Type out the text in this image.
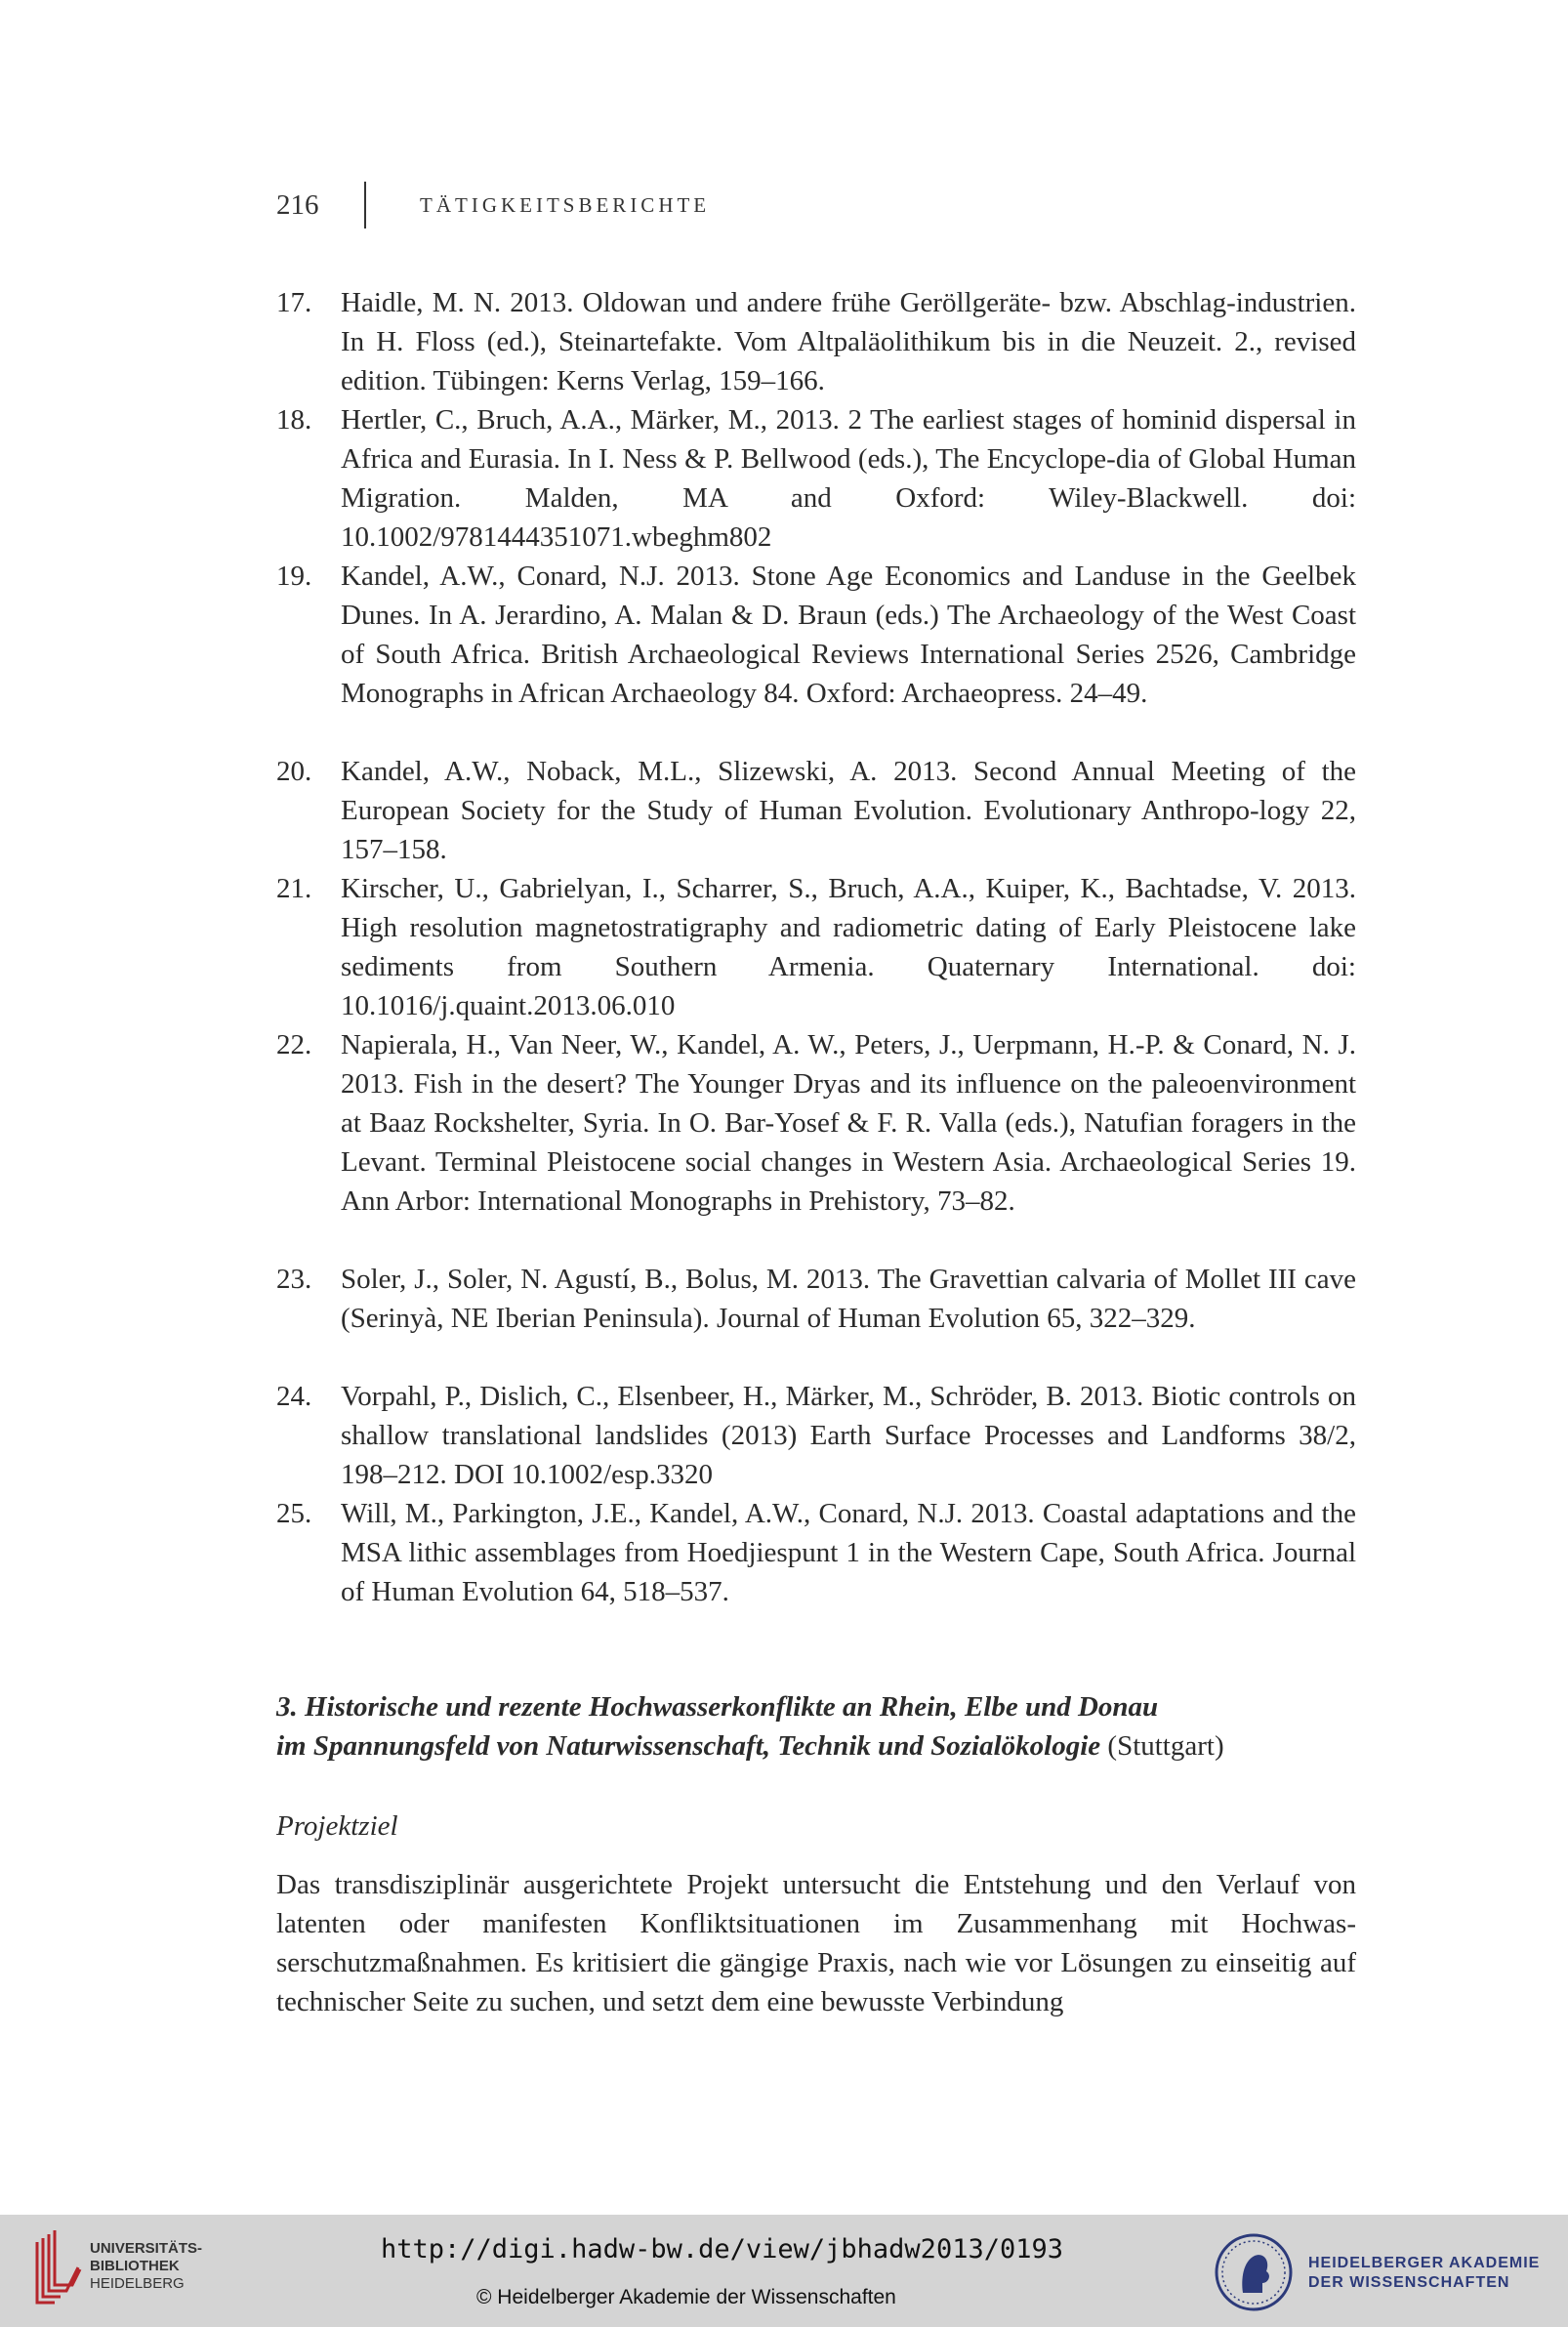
216	TÄTIGKEITSBERICHTE
17.	Haidle, M. N. 2013. Oldowan und andere frühe Geröllgeräte- bzw. Abschlag-industrien. In H. Floss (ed.), Steinartefakte. Vom Altpaläolithikum bis in die Neuzeit. 2., revised edition. Tübingen: Kerns Verlag, 159–166.
18.	Hertler, C., Bruch, A.A., Märker, M., 2013. 2 The earliest stages of hominid dispersal in Africa and Eurasia. In I. Ness & P. Bellwood (eds.), The Encyclope-dia of Global Human Migration. Malden, MA and Oxford: Wiley-Blackwell. doi: 10.1002/9781444351071.wbeghm802
19.	Kandel, A.W., Conard, N.J. 2013. Stone Age Economics and Landuse in the Geelbek Dunes. In A. Jerardino, A. Malan & D. Braun (eds.) The Archaeology of the West Coast of South Africa. British Archaeological Reviews International Series 2526, Cambridge Monographs in African Archaeology 84. Oxford: Archaeopress. 24–49.
20.	Kandel, A.W., Noback, M.L., Slizewski, A. 2013. Second Annual Meeting of the European Society for the Study of Human Evolution. Evolutionary Anthropo-logy 22, 157–158.
21.	Kirscher, U., Gabrielyan, I., Scharrer, S., Bruch, A.A., Kuiper, K., Bachtadse, V. 2013. High resolution magnetostratigraphy and radiometric dating of Early Pleistocene lake sediments from Southern Armenia. Quaternary International. doi: 10.1016/j.quaint.2013.06.010
22.	Napierala, H., Van Neer, W., Kandel, A. W., Peters, J., Uerpmann, H.-P. & Conard, N. J. 2013. Fish in the desert? The Younger Dryas and its influence on the paleoenvironment at Baaz Rockshelter, Syria. In O. Bar-Yosef & F. R. Valla (eds.), Natufian foragers in the Levant. Terminal Pleistocene social changes in Western Asia. Archaeological Series 19. Ann Arbor: International Monographs in Prehistory, 73–82.
23.	Soler, J., Soler, N. Agustí, B., Bolus, M. 2013. The Gravettian calvaria of Mollet III cave (Serinyà, NE Iberian Peninsula). Journal of Human Evolution 65, 322–329.
24.	Vorpahl, P., Dislich, C., Elsenbeer, H., Märker, M., Schröder, B. 2013. Biotic controls on shallow translational landslides (2013) Earth Surface Processes and Landforms 38/2, 198–212. DOI 10.1002/esp.3320
25.	Will, M., Parkington, J.E., Kandel, A.W., Conard, N.J. 2013. Coastal adaptations and the MSA lithic assemblages from Hoedjiespunt 1 in the Western Cape, South Africa. Journal of Human Evolution 64, 518–537.
3. Historische und rezente Hochwasserkonflikte an Rhein, Elbe und Donau
im Spannungsfeld von Naturwissenschaft, Technik und Sozialökologie (Stuttgart)
Projektziel
Das transdisziplinär ausgerichtete Projekt untersucht die Entstehung und den Verlauf von latenten oder manifesten Konfliktsituationen im Zusammenhang mit Hochwas-serschutzmaßnahmen. Es kritisiert die gängige Praxis, nach wie vor Lösungen zu einseitig auf technischer Seite zu suchen, und setzt dem eine bewusste Verbindung
UNIVERSITÄTS-
BIBLIOTHEK
HEIDELBERG
http://digi.hadw-bw.de/view/jbhadw2013/0193
© Heidelberger Akademie der Wissenschaften
HEIDELBERGER AKADEMIE
DER WISSENSCHAFTEN
